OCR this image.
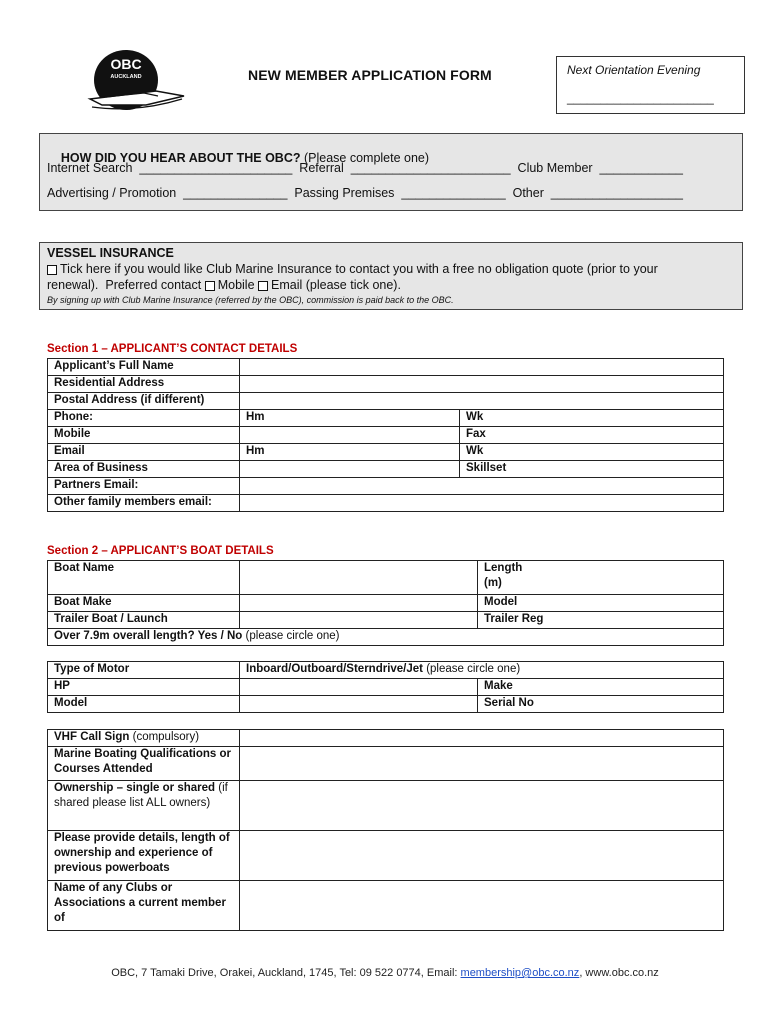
OBC
AUCKLAND	NEW MEMBER APPLICATION FORM	Next Orientation Evening
______________________

HOW DID YOU HEAR ABOUT THE OBC? (Please complete one)

Internet Search  ______________________  Referral  _______________________  Club Member  ____________
Advertising / Promotion  _______________  Passing Premises  _______________  Other  ___________________
VESSEL INSURANCE
Tick here if you would like Club Marine Insurance to contact you with a free no obligation quote (prior to your
renewal).  Preferred contact Mobile Email (please tick one).
By signing up with Club Marine Insurance (referred by the OBC), commission is paid back to the OBC.
Section 1 – APPLICANT’S CONTACT DETAILS
Applicant’s Full Name		
Residential Address		
Postal Address (if different)		
Phone:	Hm	Wk
Mobile		Fax
Email	Hm	Wk
Area of Business		Skillset
Partners Email:		
Other family members email:		
Section 2 – APPLICANT’S BOAT DETAILS
Boat Name		Length (m)
Boat Make		Model
Trailer Boat / Launch		Trailer Reg
Over 7.9m overall length? Yes / No (please circle one)		
Type of Motor	Inboard/Outboard/Sterndrive/Jet (please circle one)	
HP		Make
Model		Serial No
VHF Call Sign (compulsory)	
Marine Boating Qualifications or Courses Attended	
Ownership – single or shared (if shared please list ALL owners)	
Please provide details, length of ownership and experience of previous powerboats	
Name of any Clubs or Associations a current member of	
OBC, 7 Tamaki Drive, Orakei, Auckland, 1745, Tel: 09 522 0774, Email: membership@obc.co.nz, www.obc.co.nz
